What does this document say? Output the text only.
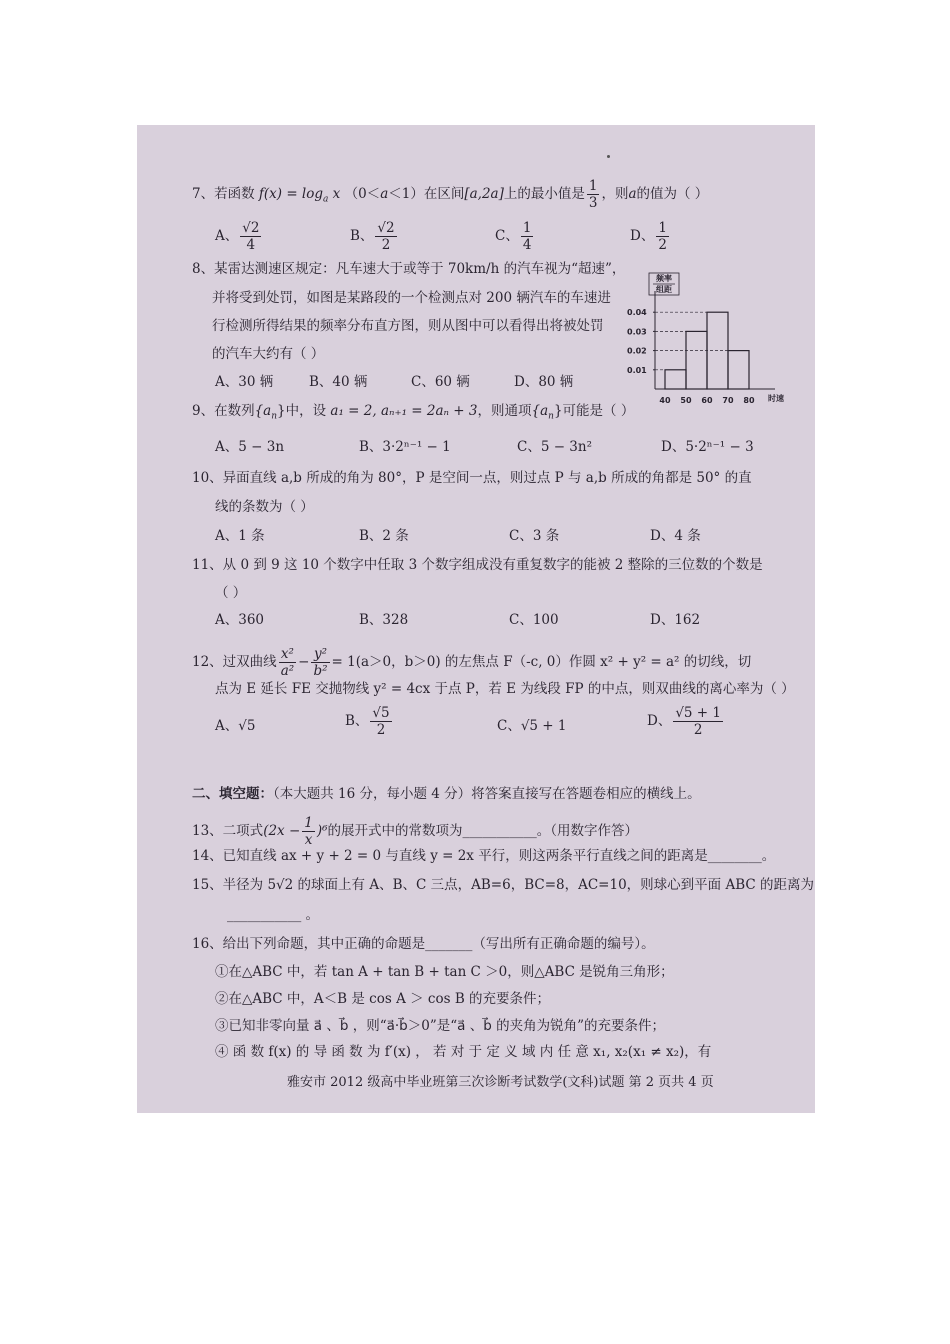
7、若函数 $f(x) = \log_a x$ （0＜a＜1）在区间[a,2a]上的最小值是 $\frac{1}{3}$ ，则a的值为（ ）
A、 $\frac{√2}{4}$	B、 $\frac{√2}{2}$	C、 $\frac{1}{4}$	D、 $\frac{1}{2}$
8、某雷达测速区规定：凡车速大于或等于 70km/h 的汽车视为“超速”，
并将受到处罚，如图是某路段的一个检测点对 200 辆汽车的车速进
行检测所得结果的频率分布直方图，则从图中可以看得出将被处罚
的汽车大约有（ ）
A、30 辆	B、40 辆	C、60 辆	D、80 辆
频率
组距
0.01
0.02
0.03
0.04
40 50 60 70 80 时速
9、在数列$\{a_n\}$中，设 a₁ = 2, aₙ₊₁ = 2aₙ + 3，则通项$\{a_n\}$可能是（ ）
A、5 − 3n	B、3·2ⁿ⁻¹ − 1	C、5 − 3n²	D、5·2ⁿ⁻¹ − 3
10、异面直线 a,b 所成的角为 80°，P 是空间一点，则过点 P 与 a,b 所成的角都是 50° 的直
线的条数为（ ）
A、1 条	B、2 条	C、3 条	D、4 条
11、从 0 到 9 这 10 个数字中任取 3 个数字组成没有重复数字的能被 2 整除的三位数的个数是
（ ）
A、360	B、328	C、100	D、162
12、过双曲线 $\frac{\text{x²}}{\text{a²}} - \frac{\text{y²}}{\text{b²}} = 1(a>0$，b＞0) 的左焦点 F（-c, 0）作圆 x² + y² = a² 的切线，切
点为 E 延长 FE 交抛物线 y² = 4cx 于点 P，若 E 为线段 FP 的中点，则双曲线的离心率为（ ）
A、√5	B、 $\frac{√5}{2}$	C、√5 + 1	D、 $\frac{√5 + 1}{2}$
二、填空题：（本大题共 16 分，每小题 4 分）将答案直接写在答题卷相应的横线上。
13、二项式$(2x - \frac{1}{x} )^6$的展开式中的常数项为___________。（用数字作答）
14、已知直线 ax + y + 2 = 0 与直线 y = 2x 平行，则这两条平行直线之间的距离是________。
15、半径为 5√2 的球面上有 A、B、C 三点，AB=6，BC=8，AC=10，则球心到平面 ABC 的距离为
___________ 。
16、给出下列命题，其中正确的命题是_______（写出所有正确命题的编号）。
①在△ABC 中，若 tan A + tan B + tan C ＞0，则△ABC 是锐角三角形；
②在△ABC 中，A＜B 是 cos A ＞ cos B 的充要条件；
③已知非零向量 a⃗ 、b⃗ ，则“a⃗·b⃗＞0”是“a⃗ 、b⃗ 的夹角为锐角”的充要条件；
④ 函 数 f(x) 的 导 函 数 为 f′(x) ， 若 对 于 定 义 域 内 任 意 x₁, x₂(x₁ ≠ x₂)，有
雅安市 2012 级高中毕业班第三次诊断考试数学(文科)试题 第 2 页共 4 页
